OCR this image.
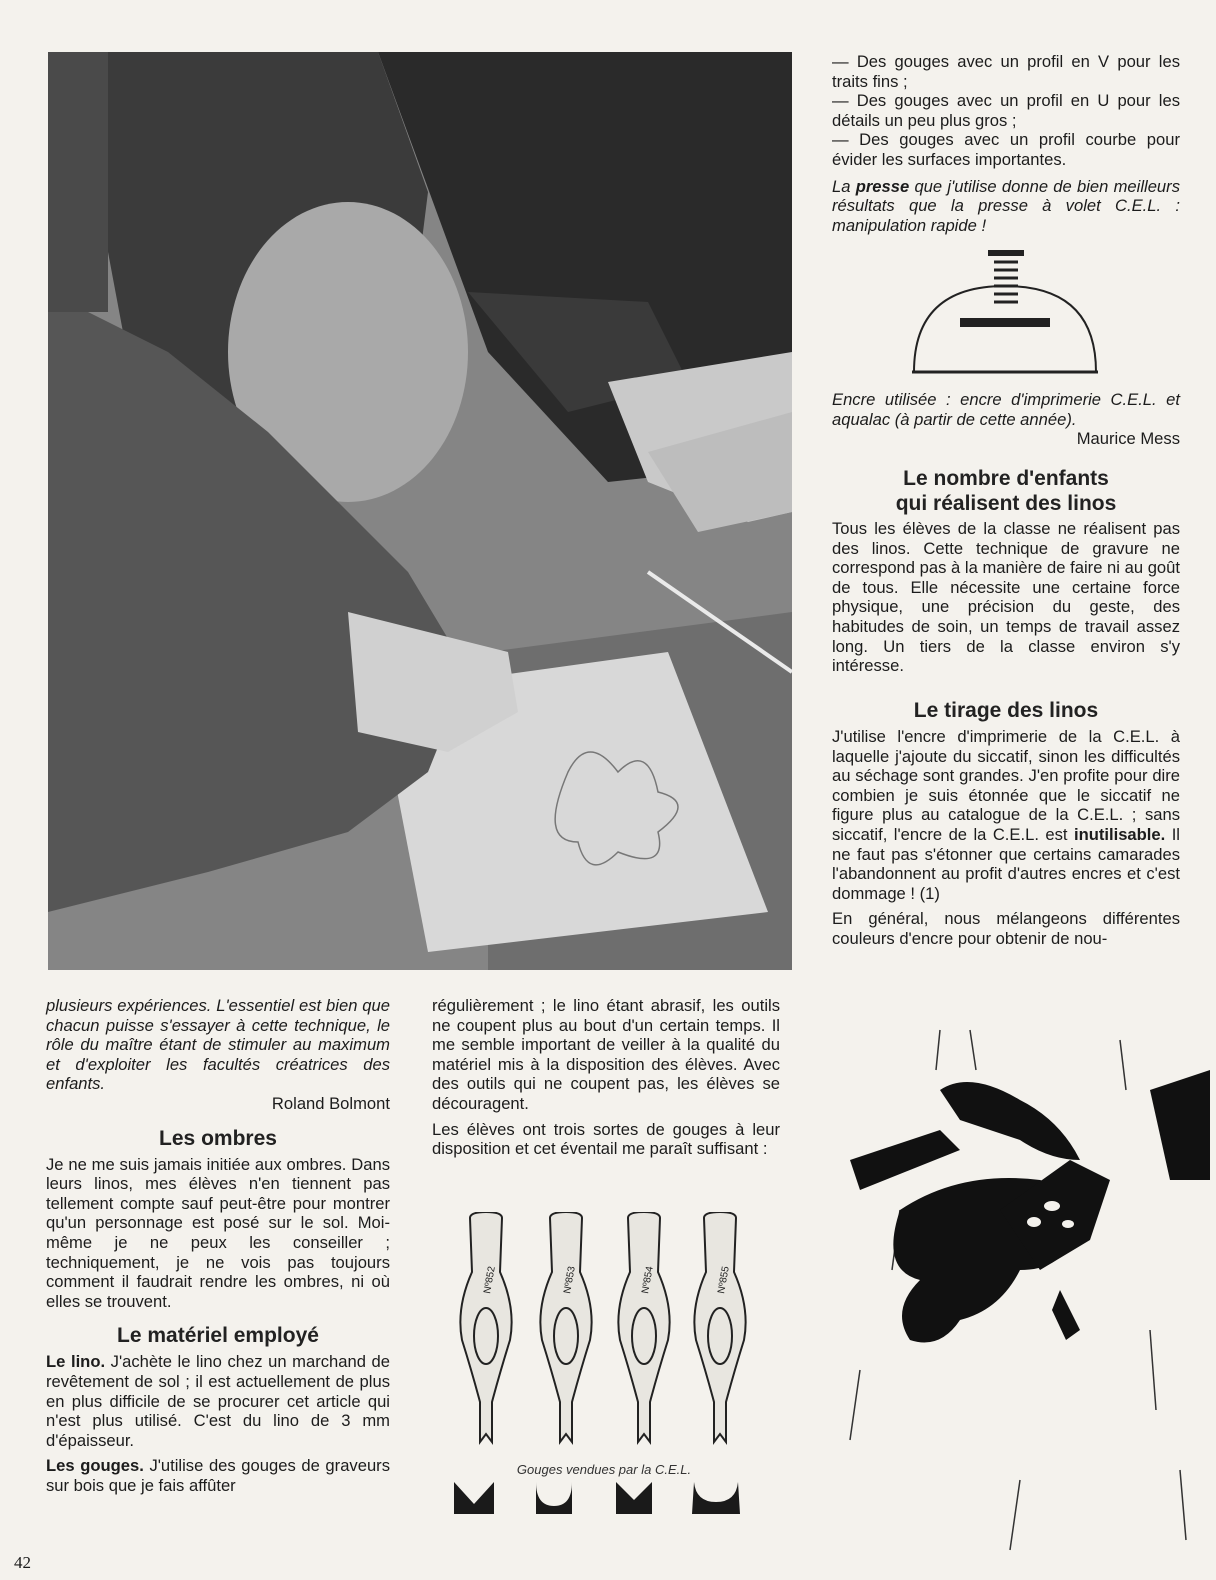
— Des gouges avec un profil en V pour les traits fins ;

— Des gouges avec un profil en U pour les détails un peu plus gros ;

— Des gouges avec un profil courbe pour évider les surfaces importantes.

La presse que j'utilise donne de bien meilleurs résultats que la presse à volet C.E.L. : manipulation rapide !

Encre utilisée : encre d'imprimerie C.E.L. et aqualac (à partir de cette année).

Maurice Mess

Le nombre d'enfants
qui réalisent des linos

Tous les élèves de la classe ne réalisent pas des linos. Cette technique de gravure ne correspond pas à la manière de faire ni au goût de tous. Elle nécessite une certaine force physique, une précision du geste, des habitudes de soin, un temps de travail assez long. Un tiers de la classe environ s'y intéresse.

Le tirage des linos

J'utilise l'encre d'imprimerie de la C.E.L. à laquelle j'ajoute du siccatif, sinon les difficultés au séchage sont grandes. J'en profite pour dire combien je suis étonnée que le siccatif ne figure plus au catalogue de la C.E.L. ; sans siccatif, l'encre de la C.E.L. est inutilisable. Il ne faut pas s'étonner que certains camarades l'abandonnent au profit d'autres encres et c'est dommage ! (1)

En général, nous mélangeons différentes couleurs d'encre pour obtenir de nou-

plusieurs expériences. L'essentiel est bien que chacun puisse s'essayer à cette technique, le rôle du maître étant de stimuler au maximum et d'exploiter les facultés créatrices des enfants.

Roland Bolmont

Les ombres

Je ne me suis jamais initiée aux ombres. Dans leurs linos, mes élèves n'en tiennent pas tellement compte sauf peut-être pour montrer qu'un personnage est posé sur le sol. Moi-même je ne peux les conseiller ; techniquement, je ne vois pas toujours comment il faudrait rendre les ombres, ni où elles se trouvent.

Le matériel employé

Le lino. J'achète le lino chez un marchand de revêtement de sol ; il est actuellement de plus en plus difficile de se procurer cet article qui n'est plus utilisé. C'est du lino de 3 mm d'épaisseur.

Les gouges. J'utilise des gouges de graveurs sur bois que je fais affûter

régulièrement ; le lino étant abrasif, les outils ne coupent plus au bout d'un certain temps. Il me semble important de veiller à la qualité du matériel mis à la disposition des élèves. Avec des outils qui ne coupent pas, les élèves se découragent.

Les élèves ont trois sortes de gouges à leur disposition et cet éventail me paraît suffisant :

Nº852	Nº853	Nº854	Nº855
Gouges vendues par la C.E.L.
42
